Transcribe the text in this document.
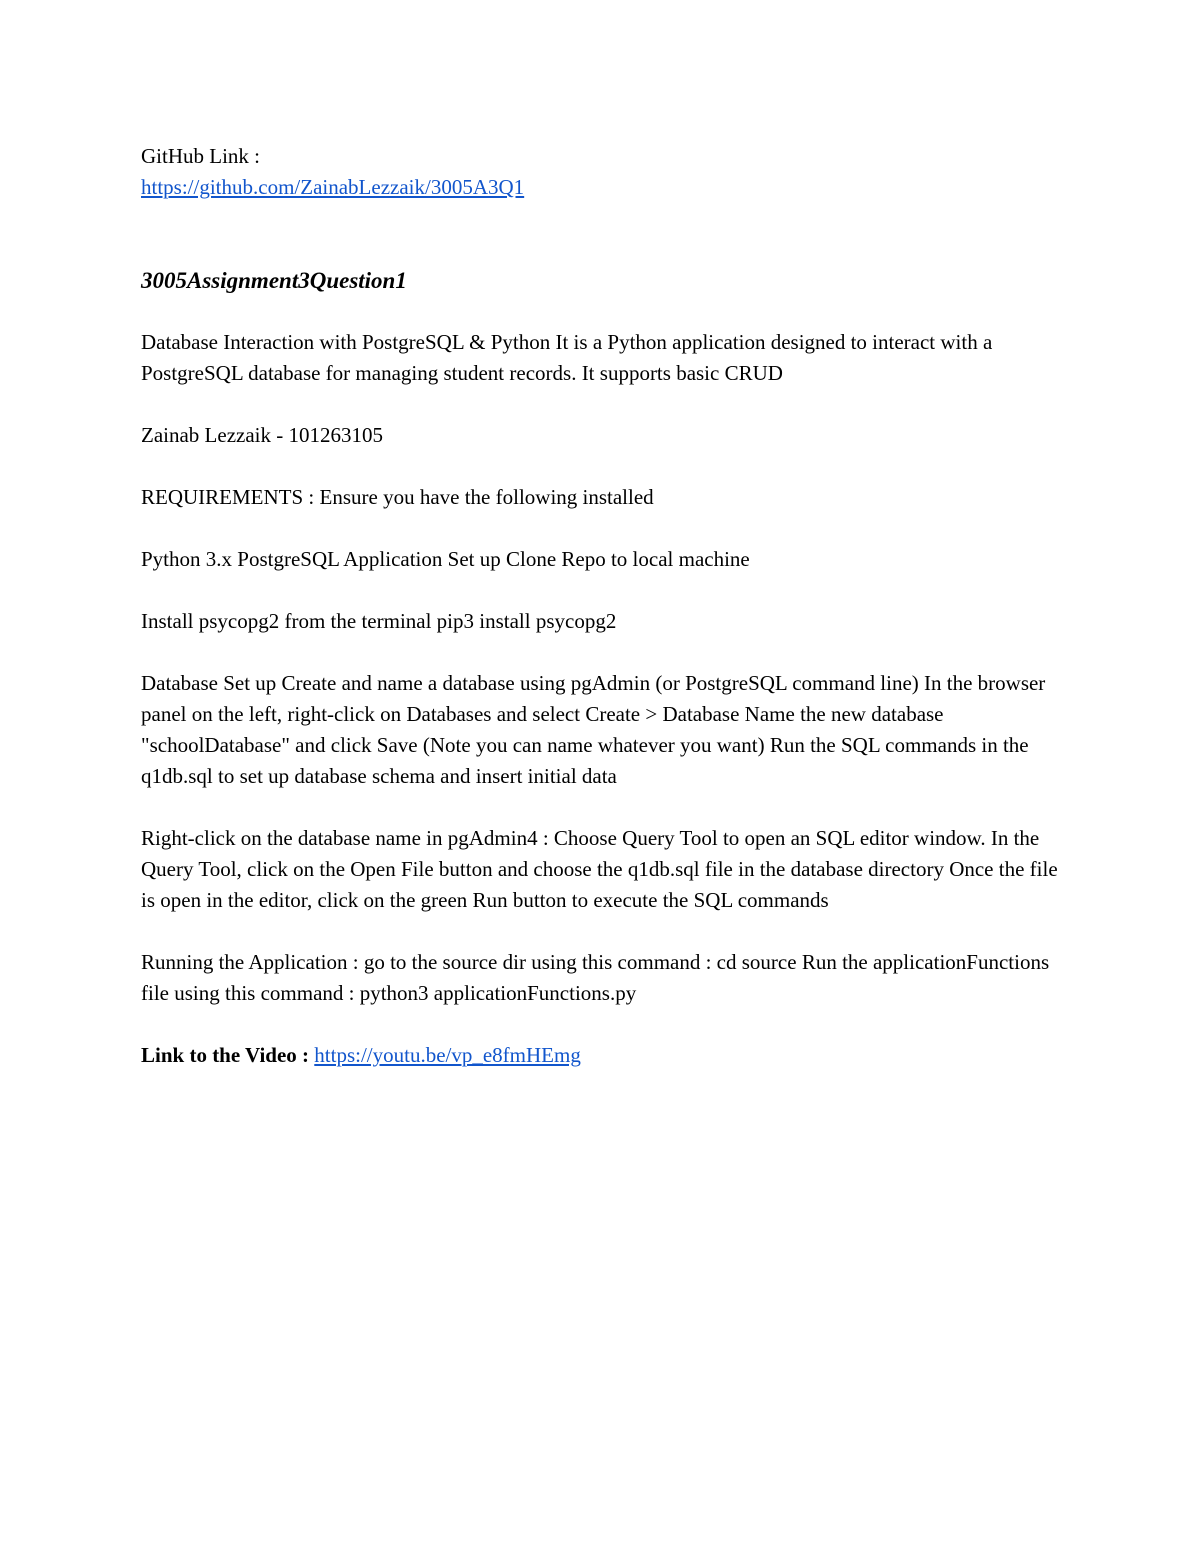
GitHub Link :

https://github.com/ZainabLezzaik/3005A3Q1

3005Assignment3Question1

Database Interaction with PostgreSQL & Python It is a Python application designed to interact with a PostgreSQL database for managing student records. It supports basic CRUD

Zainab Lezzaik - 101263105

REQUIREMENTS : Ensure you have the following installed

Python 3.x PostgreSQL Application Set up Clone Repo to local machine

Install psycopg2 from the terminal pip3 install psycopg2

Database Set up Create and name a database using pgAdmin (or PostgreSQL command line) In the browser panel on the left, right-click on Databases and select Create > Database Name the new database "schoolDatabase" and click Save (Note you can name whatever you want) Run the SQL commands in the q1db.sql to set up database schema and insert initial data

Right-click on the database name in pgAdmin4 : Choose Query Tool to open an SQL editor window. In the Query Tool, click on the Open File button and choose the q1db.sql file in the database directory Once the file is open in the editor, click on the green Run button to execute the SQL commands

Running the Application : go to the source dir using this command : cd source Run the applicationFunctions file using this command : python3 applicationFunctions.py

Link to the Video : https://youtu.be/vp_e8fmHEmg
